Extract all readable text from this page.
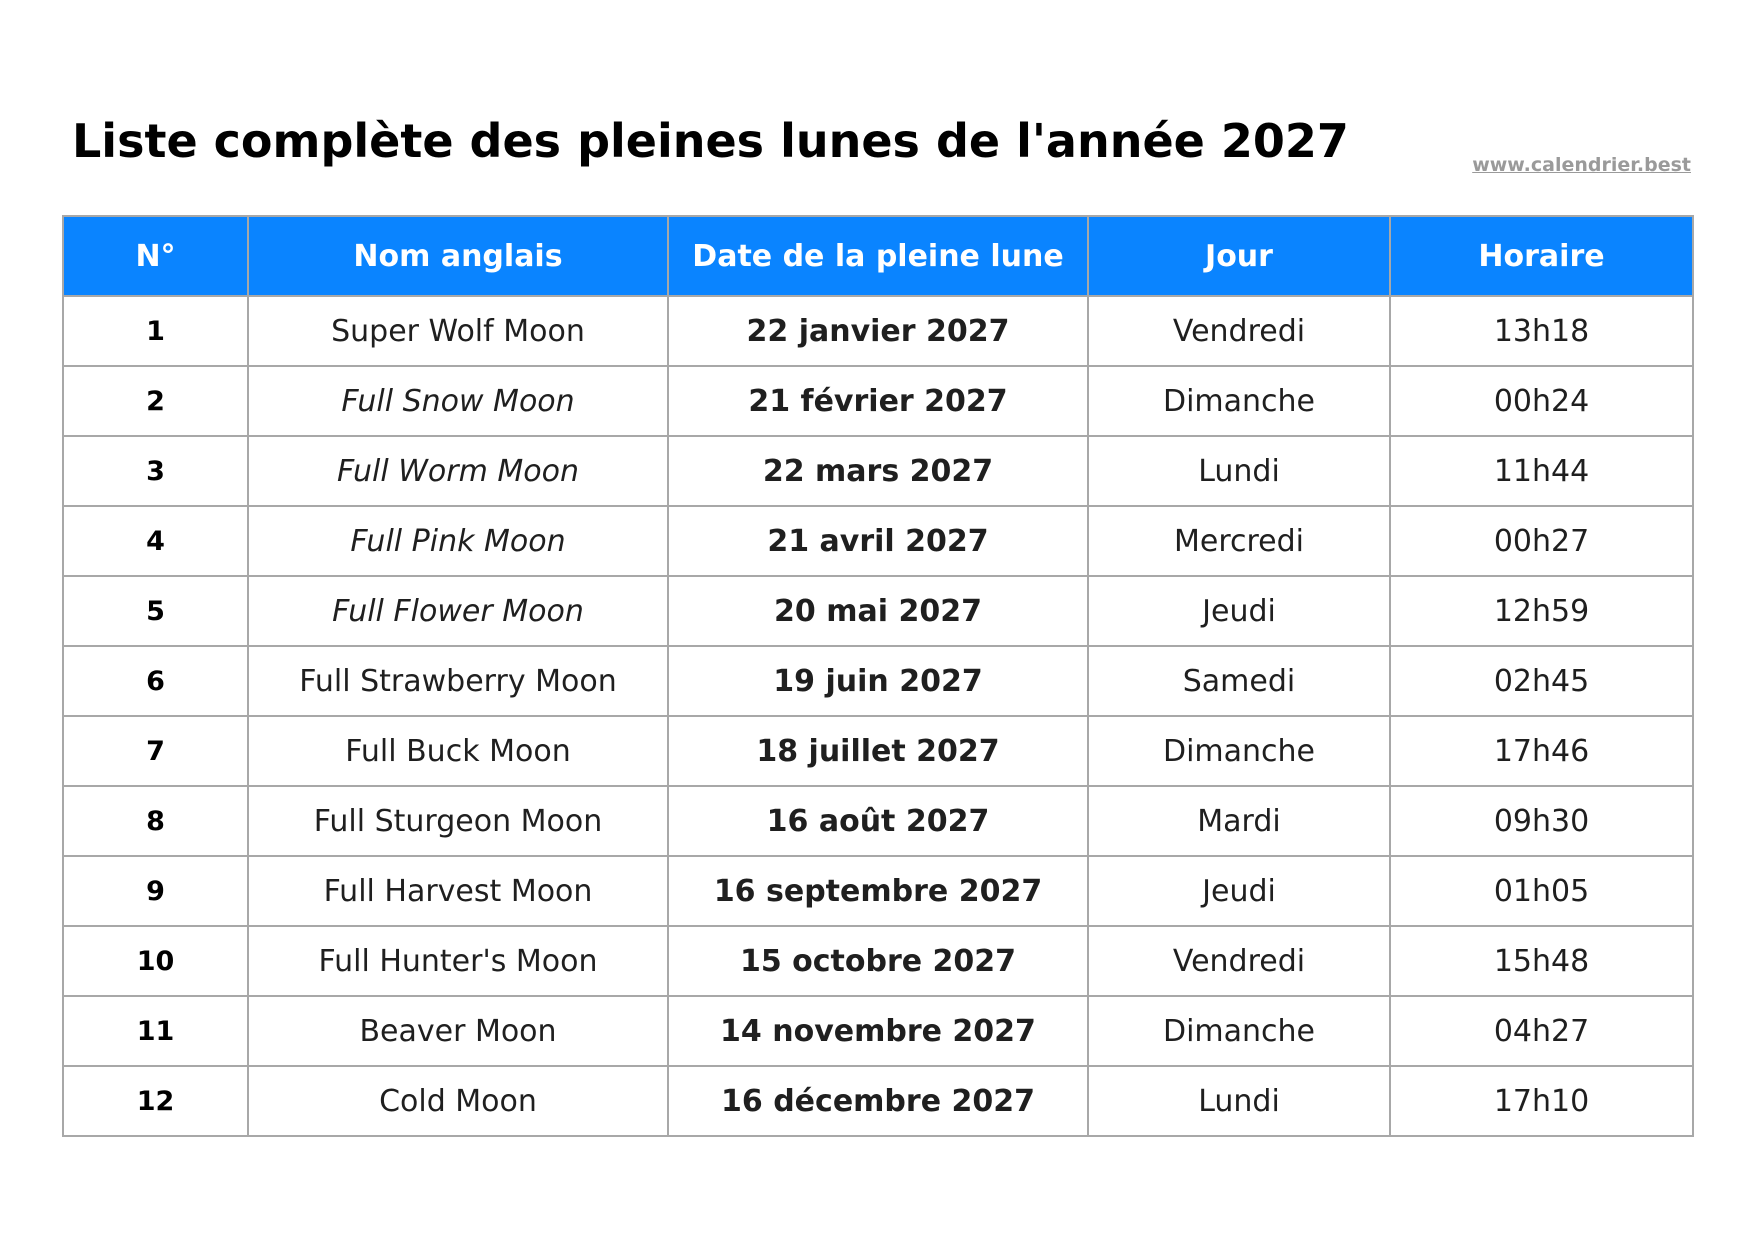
Liste complète des pleines lunes de l'année 2027	www.calendrier.best
N°	Nom anglais	Date de la pleine lune	Jour	Horaire
1	Super Wolf Moon	22 janvier 2027	Vendredi	13h18
2	Full Snow Moon	21 février 2027	Dimanche	00h24
3	Full Worm Moon	22 mars 2027	Lundi	11h44
4	Full Pink Moon	21 avril 2027	Mercredi	00h27
5	Full Flower Moon	20 mai 2027	Jeudi	12h59
6	Full Strawberry Moon	19 juin 2027	Samedi	02h45
7	Full Buck Moon	18 juillet 2027	Dimanche	17h46
8	Full Sturgeon Moon	16 août 2027	Mardi	09h30
9	Full Harvest Moon	16 septembre 2027	Jeudi	01h05
10	Full Hunter's Moon	15 octobre 2027	Vendredi	15h48
11	Beaver Moon	14 novembre 2027	Dimanche	04h27
12	Cold Moon	16 décembre 2027	Lundi	17h10
